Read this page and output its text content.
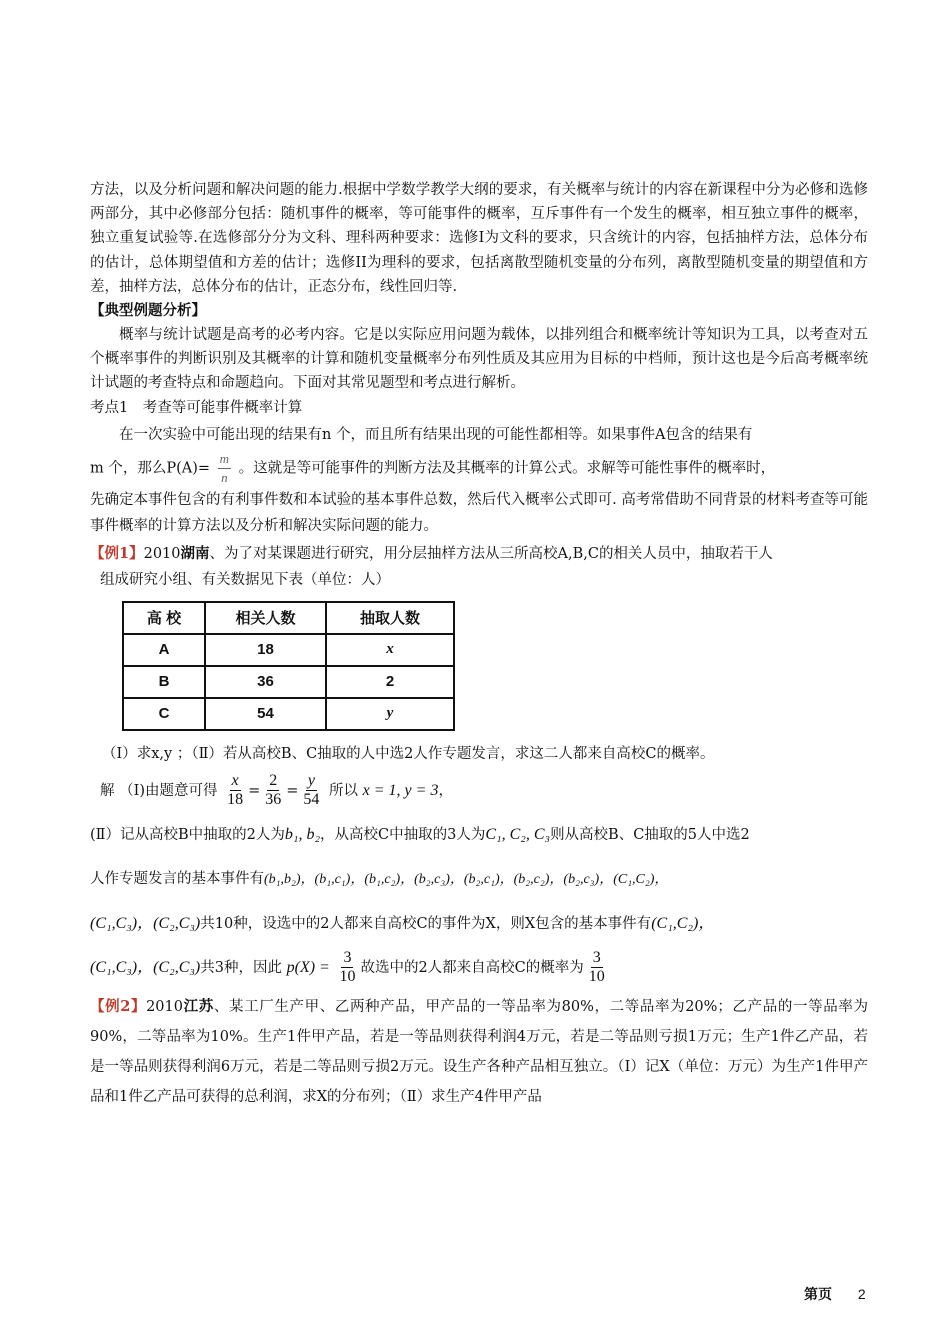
方法，以及分析问题和解决问题的能力.根据中学数学教学大纲的要求，有关概率与统计的内容在新课程中分为必修和选修两部分，其中必修部分包括：随机事件的概率，等可能事件的概率，互斥事件有一个发生的概率，相互独立事件的概率，独立重复试验等.在选修部分分为文科、理科两种要求：选修Ⅰ为文科的要求，只含统计的内容，包括抽样方法，总体分布的估计，总体期望值和方差的估计；选修II为理科的要求，包括离散型随机变量的分布列，离散型随机变量的期望值和方差，抽样方法，总体分布的估计，正态分布，线性回归等.

【典型例题分析】

概率与统计试题是高考的必考内容。它是以实际应用问题为载体，以排列组合和概率统计等知识为工具，以考查对五个概率事件的判断识别及其概率的计算和随机变量概率分布列性质及其应用为目标的中档师，预计这也是今后高考概率统计试题的考查特点和命题趋向。下面对其常见题型和考点进行解析。

考点1　考查等可能事件概率计算

在一次实验中可能出现的结果有n 个，而且所有结果出现的可能性都相等。如果事件A包含的结果有

m 个，那么$P(A)= \frac{m}{n}$ 。这就是等可能事件的判断方法及其概率的计算公式。求解等可能性事件的概率时，

先确定本事件包含的有利事件数和本试验的基本事件总数，然后代入概率公式即可. 高考常借助不同背景的材料考查等可能事件概率的计算方法以及分析和解决实际问题的能力。

【例1】2010湖南、为了对某课题进行研究，用分层抽样方法从三所高校A,B,C的相关人员中，抽取若干人
组成研究小组、有关数据见下表（单位：人）

高 校	相关人数	抽取人数
A	18	x
B	36	2
C	54	y

（Ⅰ）求x,y ；（Ⅱ）若从高校B、C抽取的人中选2人作专题发言，求这二人都来自高校C的概率。

解 （Ⅰ)由题意可得 $\frac{x}{18} = \frac{2}{36} = \frac{y}{54}$ 所以 x = 1, y = 3，

(Ⅱ）记从高校B中抽取的2人为b₁, b₂，从高校C中抽取的3人为C₁, C₂, C₃则从高校B、C抽取的5人中选2

人作专题发言的基本事件有(b₁,b₂)，(b₁,c₁)，(b₁,c₂)，(b₂,c₃)，(b₂,c₁)，(b₂,c₂)，(b₂,c₃)，(C₁,C₂)，

(C₁,C₃)，(C₂,C₃)共10种，设选中的2人都来自高校C的事件为X，则X包含的基本事件有(C₁,C₂)，

(C₁,C₃)，(C₂,C₃)共3种，因此 $p(X) = \frac{3}{10}$ 故选中的2人都来自高校C的概率为 $\frac{3}{10}$

【例2】2010江苏、某工厂生产甲、乙两种产品，甲产品的一等品率为80%，二等品率为20%；乙产品的一等品率为90%，二等品率为10%。生产1件甲产品，若是一等品则获得利润4万元，若是二等品则亏损1万元；生产1件乙产品，若是一等品则获得利润6万元，若是二等品则亏损2万元。设生产各种产品相互独立。（Ⅰ）记X（单位：万元）为生产1件甲产品和1件乙产品可获得的总利润，求X的分布列；（Ⅱ）求生产4件甲产品

第页 2
